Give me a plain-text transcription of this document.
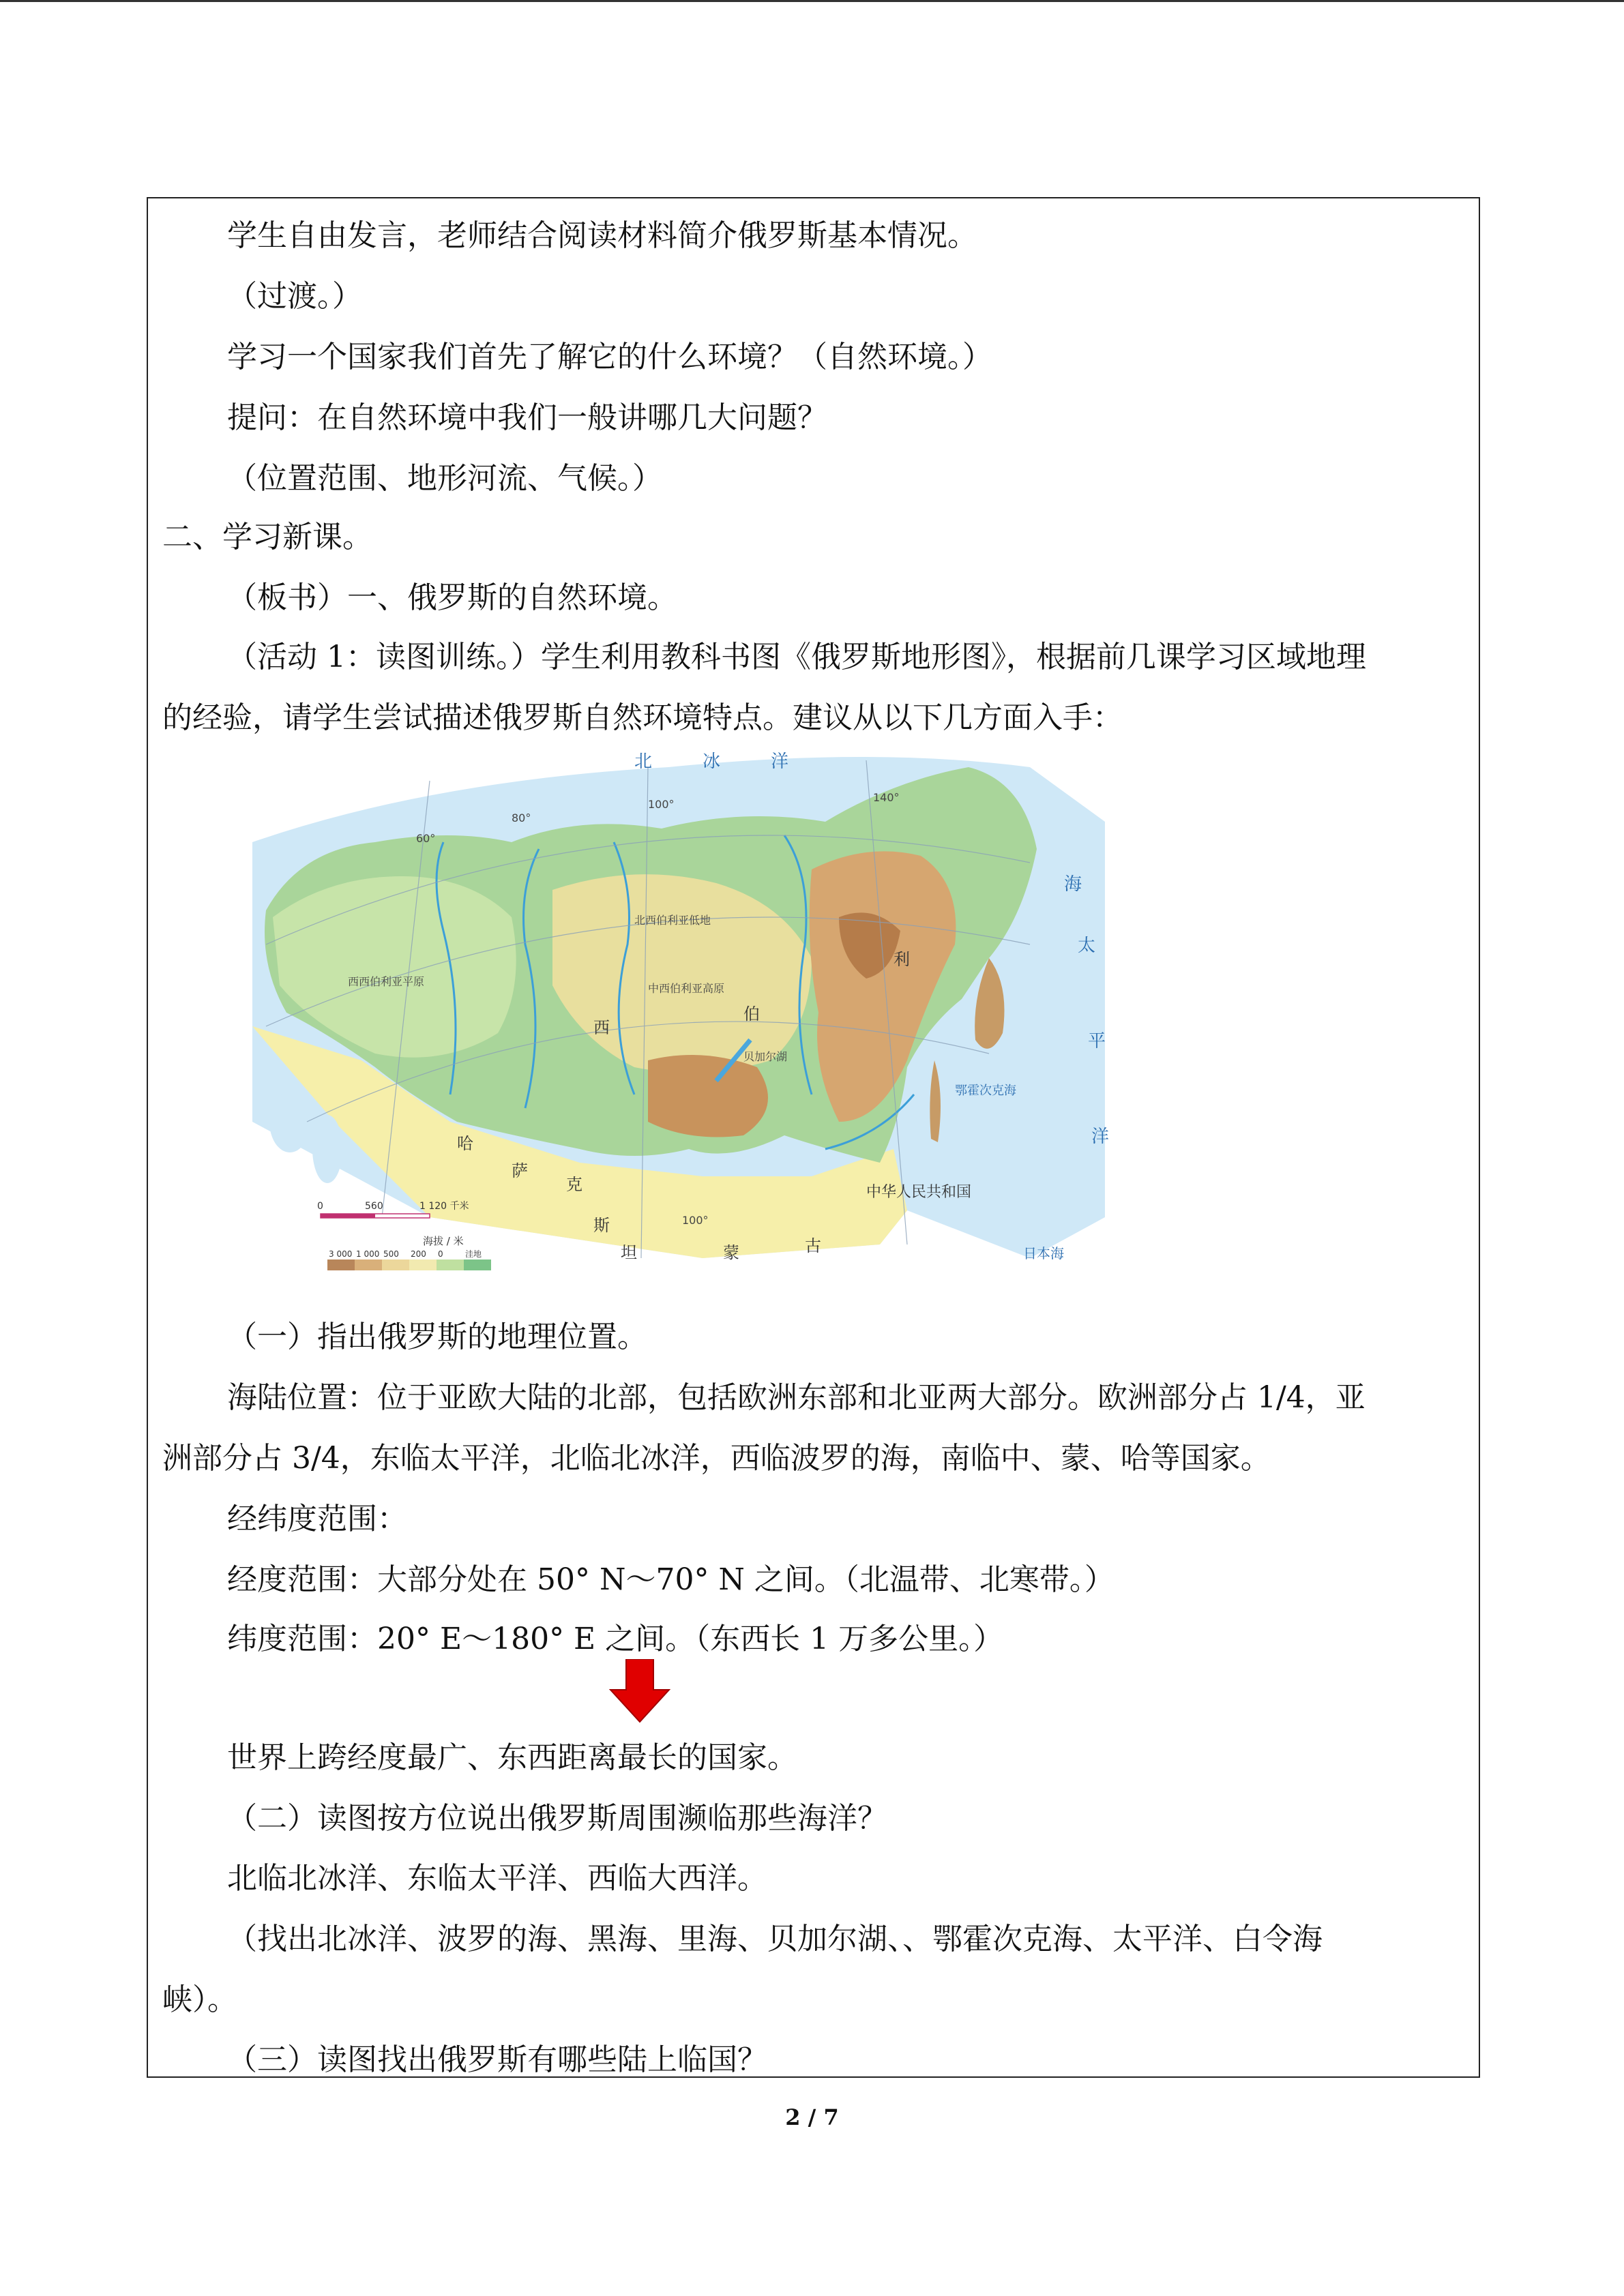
学生自由发言，老师结合阅读材料简介俄罗斯基本情况。
（过渡。）
学习一个国家我们首先了解它的什么环境？（自然环境。）
提问：在自然环境中我们一般讲哪几大问题？
（位置范围、地形河流、气候。）
二、学习新课。
（板书）一、俄罗斯的自然环境。
（活动 1：读图训练。）学生利用教科书图《俄罗斯地形图》，根据前几课学习区域地理
的经验，请学生尝试描述俄罗斯自然环境特点。建议从以下几方面入手：
北	冰	洋
太
平
洋
海
日本海
鄂霍次克海
西
伯
利
哈
萨
克
斯
坦	蒙	古
中华人民共和国
西西伯利亚平原
中西伯利亚高原
北西伯利亚低地
贝加尔湖
100°
100°
140°
80°
60°
0	560	1 120 千米
海拔 / 米
3 000 1 000 500 200 0	洼地
（一）指出俄罗斯的地理位置。
海陆位置：位于亚欧大陆的北部，包括欧洲东部和北亚两大部分。欧洲部分占 1/4，亚
洲部分占 3/4，东临太平洋，北临北冰洋，西临波罗的海，南临中、蒙、哈等国家。
经纬度范围：
经度范围：大部分处在 50° N～70° N 之间。（北温带、北寒带。）
纬度范围：20° E～180° E 之间。（东西长 1 万多公里。）
世界上跨经度最广、东西距离最长的国家。
（二）读图按方位说出俄罗斯周围濒临那些海洋？
北临北冰洋、东临太平洋、西临大西洋。
（找出北冰洋、波罗的海、黑海、里海、贝加尔湖、、鄂霍次克海、太平洋、白令海
峡）。
（三）读图找出俄罗斯有哪些陆上临国？
2 / 7
